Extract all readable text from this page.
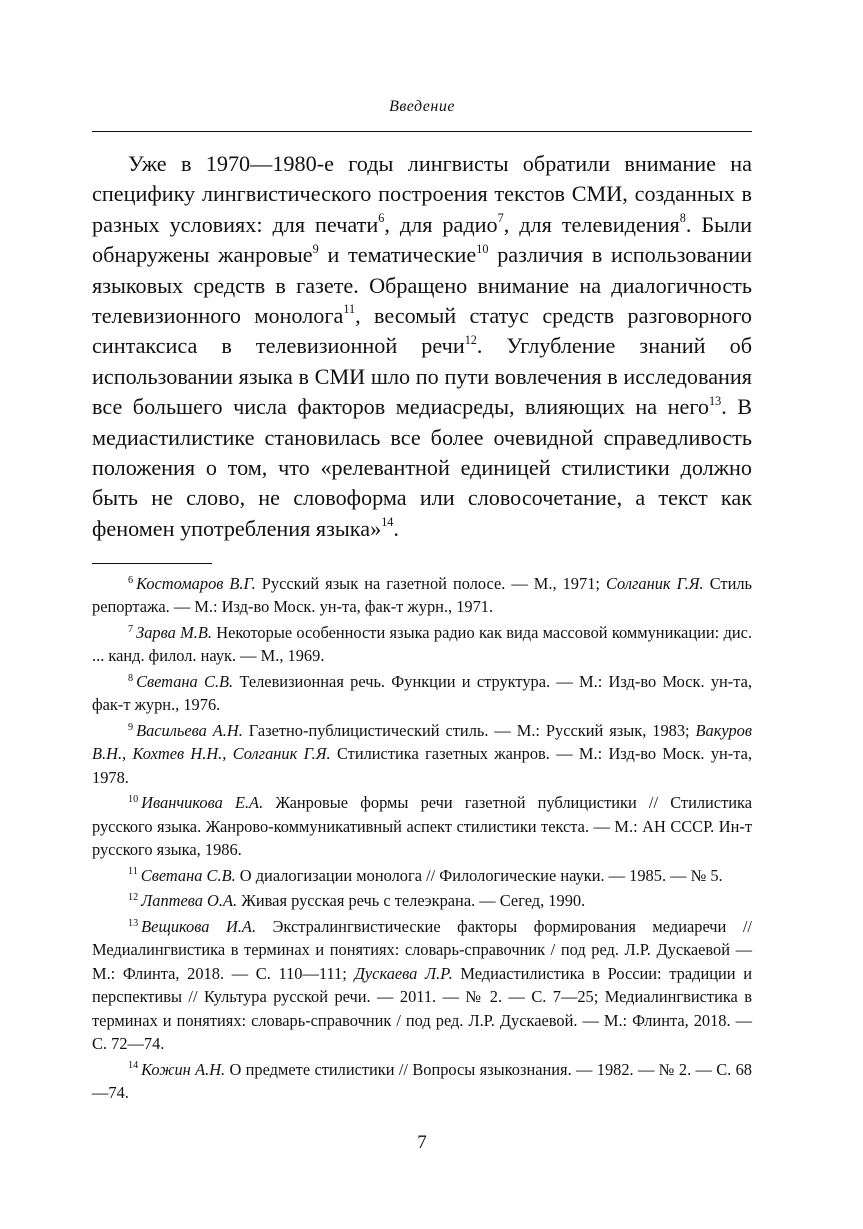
Введение

Уже в 1970—1980-е годы лингвисты обратили внимание на специфику лингвистического построения текстов СМИ, созданных в разных условиях: для печати$^6$, для радио$^7$, для телевидения$^8$. Были обнаружены жанровые$^9$ и тематические$^{10}$ различия в использовании языковых средств в газете. Обращено внимание на диалогичность телевизионного монолога$^{11}$, весомый статус средств разговорного синтаксиса в телевизионной речи$^{12}$. Углубление знаний об использовании языка в СМИ шло по пути вовлечения в исследования все большего числа факторов медиасреды, влияющих на него$^{13}$. В медиастилистике становилась все более очевидной справедливость положения о том, что «релевантной единицей стилистики должно быть не слово, не словоформа или словосочетание, а текст как феномен употребления языка»$^{14}$.

$^6$ Костомаров В.Г. Русский язык на газетной полосе. — М., 1971; Солганик Г.Я. Стиль репортажа. — М.: Изд-во Моск. ун-та, фак-т журн., 1971.

$^7$ Зарва М.В. Некоторые особенности языка радио как вида массовой коммуникации: дис. ... канд. филол. наук. — М., 1969.

$^8$ Светана С.В. Телевизионная речь. Функции и структура. — М.: Изд-во Моск. ун-та, фак-т журн., 1976.

$^9$ Васильева А.Н. Газетно-публицистический стиль. — М.: Русский язык, 1983; Вакуров В.Н., Кохтев Н.Н., Солганик Г.Я. Стилистика газетных жанров. — М.: Изд-во Моск. ун-та, 1978.

$^{10}$ Иванчикова Е.А. Жанровые формы речи газетной публицистики // Стилистика русского языка. Жанрово-коммуникативный аспект стилистики текста. — М.: АН СССР. Ин-т русского языка, 1986.

$^{11}$ Светана С.В. О диалогизации монолога // Филологические науки. — 1985. — № 5.

$^{12}$ Лаптева О.А. Живая русская речь с телеэкрана. — Сегед, 1990.

$^{13}$ Вещикова И.А. Экстралингвистические факторы формирования медиаречи // Медиалингвистика в терминах и понятиях: словарь-справочник / под ред. Л.Р. Дускаевой — М.: Флинта, 2018. — С. 110—111; Дускаева Л.Р. Медиастилистика в России: традиции и перспективы // Культура русской речи. — 2011. — № 2. — С. 7—25; Медиалингвистика в терминах и понятиях: словарь-справочник / под ред. Л.Р. Дускаевой. — М.: Флинта, 2018. — С. 72—74.

$^{14}$ Кожин А.Н. О предмете стилистики // Вопросы языкознания. — 1982. — № 2. — С. 68—74.

7
